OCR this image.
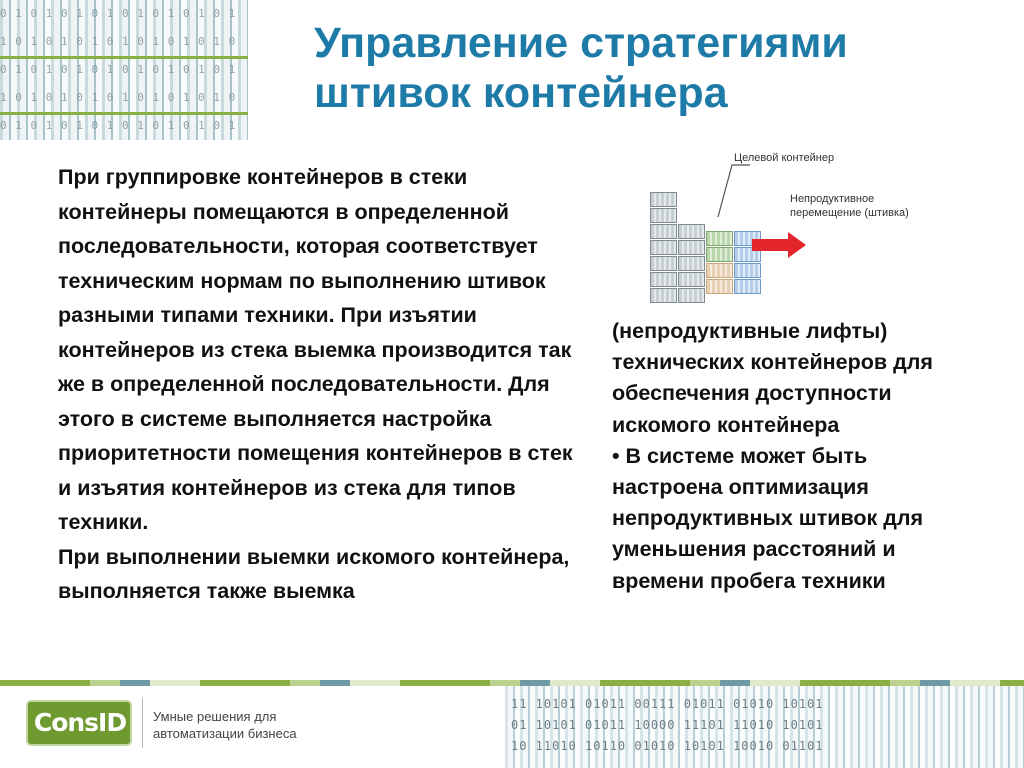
0 1 0 1 0 1 0 1 0 1 0 1 0 1 0 1
1 0 1 0 1 0 1 0 1 0 1 0 1 0 1 0
0 1 0 1 0 1 0 1 0 1 0 1 0 1 0 1
1 0 1 0 1 0 1 0 1 0 1 0 1 0 1 0
0 1 0 1 0 1 0 1 0 1 0 1 0 1 0 1
Управление стратегиями
штивок контейнера

При группировке контейнеров в стеки контейнеры помещаются в определенной последовательности, которая соответствует техническим нормам по выполнению штивок разными типами техники. При изъятии контейнеров из стека выемка производится так же в определенной последовательности. Для этого в системе выполняется настройка приоритетности помещения контейнеров в стек и изъятия контейнеров из стека для типов техники.

При выполнении выемки искомого контейнера, выполняется также выемка

Целевой контейнер
Непродуктивное
перемещение (штивка)

(непродуктивные лифты) технических контейнеров для обеспечения доступности искомого контейнера

• В системе может быть настроена оптимизация непродуктивных штивок для уменьшения расстояний и времени пробега техники

11 10101 01011 00111 01011 01010 10101
01 10101 01011 10000 11101 11010 10101
10 11010 10110 01010 10101 10010 01101
ConsID Умные решения для
автоматизации бизнеса
